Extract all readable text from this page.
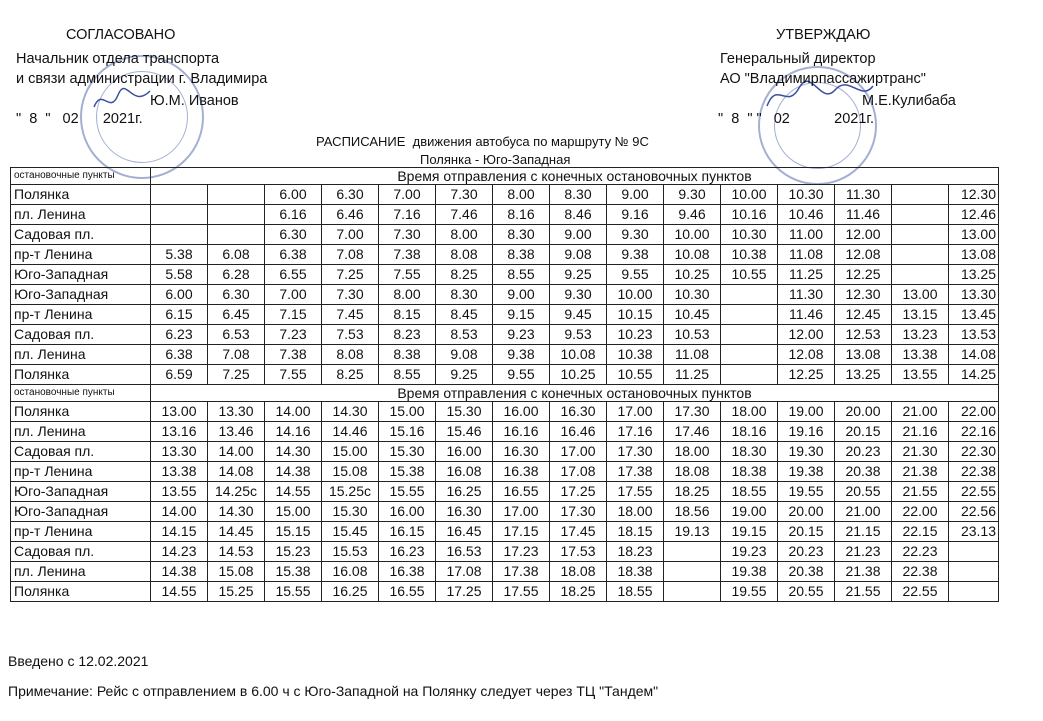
СОГЛАСОВАНО
Начальник отдела транспорта
и связи администрации г. Владимира
Ю.М. Иванов
"  8  "   02      2021г.
УТВЕРЖДАЮ
Генеральный директор
АО "Владимирпассажиртранс"
М.Е.Кулибаба
"  8  " "   02           2021г.
РАСПИСАНИЕ  движения автобуса по маршруту № 9С
Полянка - Юго-Западная
остановочные пункты	Время отправления с конечных остановочных пунктов														
Полянка			6.00	6.30	7.00	7.30	8.00	8.30	9.00	9.30	10.00	10.30	11.30		12.30
пл. Ленина			6.16	6.46	7.16	7.46	8.16	8.46	9.16	9.46	10.16	10.46	11.46		12.46
Садовая пл.			6.30	7.00	7.30	8.00	8.30	9.00	9.30	10.00	10.30	11.00	12.00		13.00
пр-т Ленина	5.38	6.08	6.38	7.08	7.38	8.08	8.38	9.08	9.38	10.08	10.38	11.08	12.08		13.08
Юго-Западная	5.58	6.28	6.55	7.25	7.55	8.25	8.55	9.25	9.55	10.25	10.55	11.25	12.25		13.25
Юго-Западная	6.00	6.30	7.00	7.30	8.00	8.30	9.00	9.30	10.00	10.30		11.30	12.30	13.00	13.30
пр-т Ленина	6.15	6.45	7.15	7.45	8.15	8.45	9.15	9.45	10.15	10.45		11.46	12.45	13.15	13.45
Садовая пл.	6.23	6.53	7.23	7.53	8.23	8.53	9.23	9.53	10.23	10.53		12.00	12.53	13.23	13.53
пл. Ленина	6.38	7.08	7.38	8.08	8.38	9.08	9.38	10.08	10.38	11.08		12.08	13.08	13.38	14.08
Полянка	6.59	7.25	7.55	8.25	8.55	9.25	9.55	10.25	10.55	11.25		12.25	13.25	13.55	14.25
остановочные пункты	Время отправления с конечных остановочных пунктов														
Полянка	13.00	13.30	14.00	14.30	15.00	15.30	16.00	16.30	17.00	17.30	18.00	19.00	20.00	21.00	22.00
пл. Ленина	13.16	13.46	14.16	14.46	15.16	15.46	16.16	16.46	17.16	17.46	18.16	19.16	20.15	21.16	22.16
Садовая пл.	13.30	14.00	14.30	15.00	15.30	16.00	16.30	17.00	17.30	18.00	18.30	19.30	20.23	21.30	22.30
пр-т Ленина	13.38	14.08	14.38	15.08	15.38	16.08	16.38	17.08	17.38	18.08	18.38	19.38	20.38	21.38	22.38
Юго-Западная	13.55	14.25с	14.55	15.25с	15.55	16.25	16.55	17.25	17.55	18.25	18.55	19.55	20.55	21.55	22.55
Юго-Западная	14.00	14.30	15.00	15.30	16.00	16.30	17.00	17.30	18.00	18.56	19.00	20.00	21.00	22.00	22.56
пр-т Ленина	14.15	14.45	15.15	15.45	16.15	16.45	17.15	17.45	18.15	19.13	19.15	20.15	21.15	22.15	23.13
Садовая пл.	14.23	14.53	15.23	15.53	16.23	16.53	17.23	17.53	18.23		19.23	20.23	21.23	22.23	
пл. Ленина	14.38	15.08	15.38	16.08	16.38	17.08	17.38	18.08	18.38		19.38	20.38	21.38	22.38	
Полянка	14.55	15.25	15.55	16.25	16.55	17.25	17.55	18.25	18.55		19.55	20.55	21.55	22.55	
Введено с 12.02.2021
Примечание: Рейс с отправлением в 6.00 ч с Юго-Западной на Полянку следует через ТЦ "Тандем"
